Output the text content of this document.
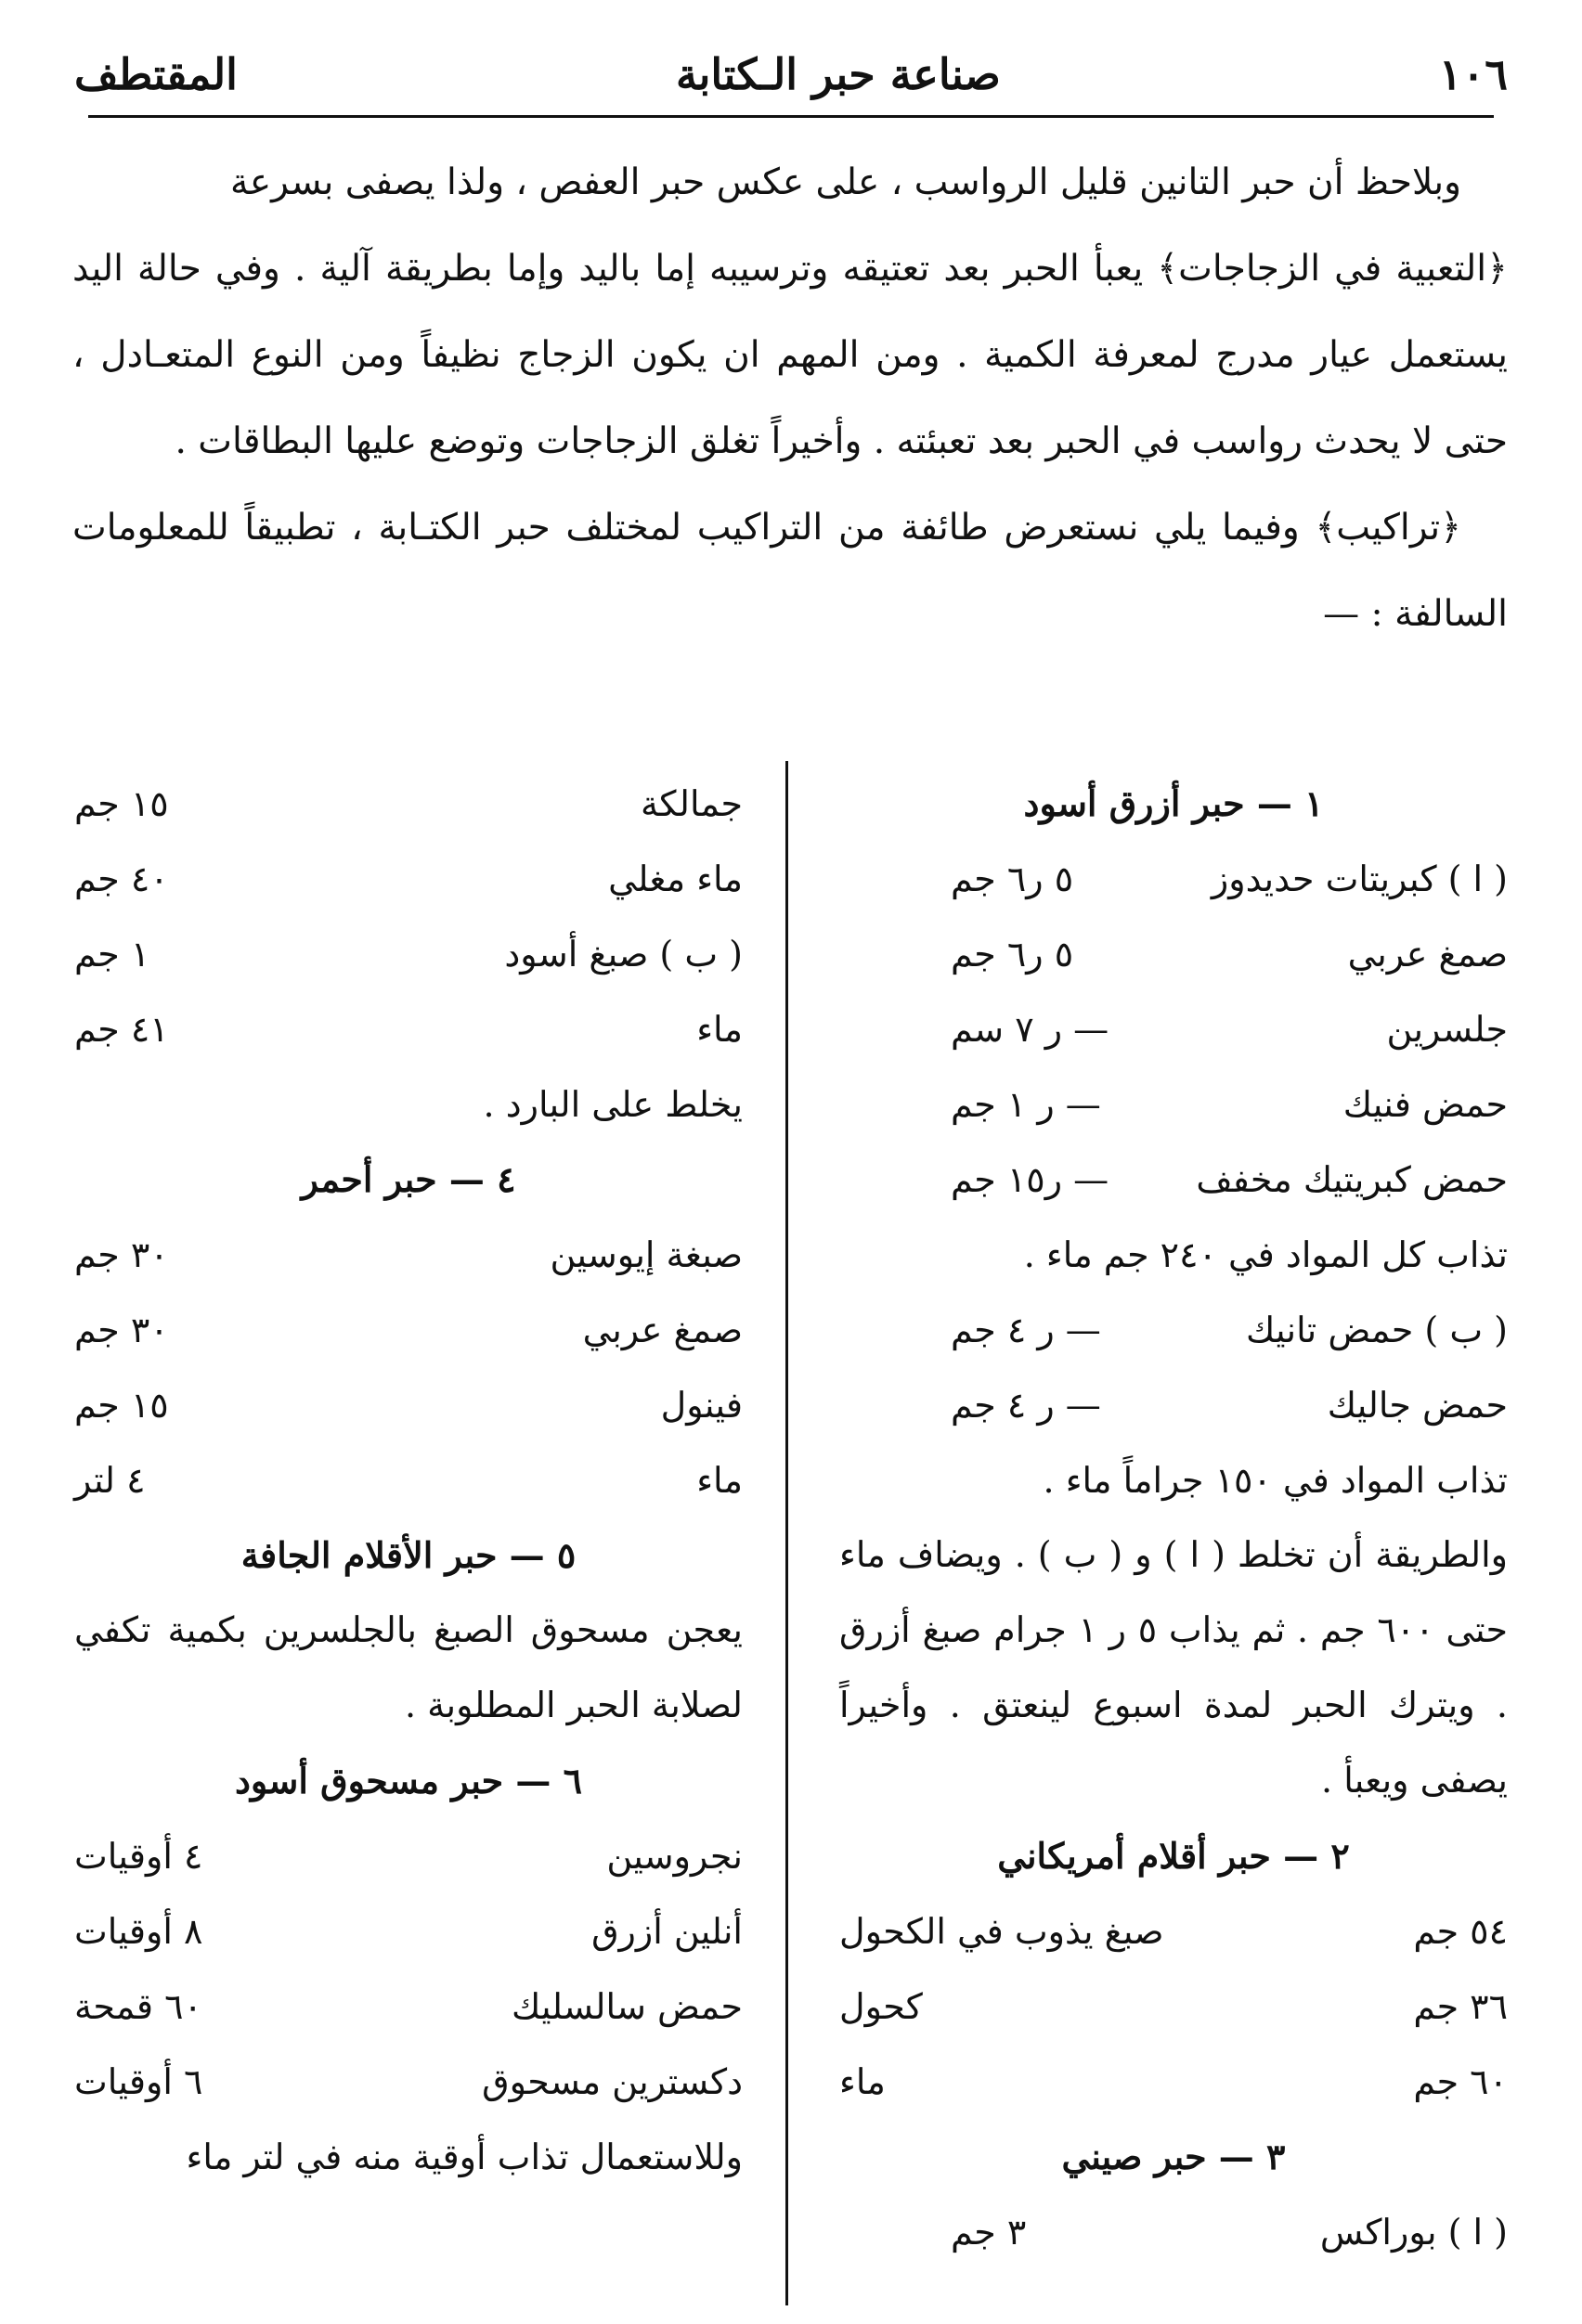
١٠٦
صناعة حبر الـكتابة
المقتطف

وبلاحظ أن حبر التانين قليل الرواسب ، على عكس حبر العفص ، ولذا يصفى بسرعة

﴿التعبية في الزجاجات﴾ يعبأ الحبر بعد تعتيقه وترسيبه إما باليد وإما بطريقة آلية . وفي حالة اليد يستعمل عيار مدرج لمعرفة الكمية . ومن المهم ان يكون الزجاج نظيفاً ومن النوع المتعـادل ، حتى لا يحدث رواسب في الحبر بعد تعبئته . وأخيراً تغلق الزجاجات وتوضع عليها البطاقات .

﴿تراكيب﴾ وفيما يلي نستعرض طائفة من التراكيب لمختلف حبر الكتـابة ، تطبيقاً للمعلومات السالفة : —

١ — حبر أزرق أسود
( ا ) كبريتات حديدوز
٥ ر٦ جم
صمغ عربي
٥ ر٦ جم
جلسرين
— ر ٧ سم
حمض فنيك
— ر ١ جم
حمض كبريتيك مخفف
— ر١٥ جم
تذاب كل المواد في ٢٤٠ جم ماء .
( ب ) حمض تانيك
— ر ٤ جم
حمض جاليك
— ر ٤ جم
تذاب المواد في ١٥٠ جراماً ماء .
والطريقة أن تخلط ( ا ) و ( ب ) . ويضاف ماء حتى ٦٠٠ جم . ثم يذاب ٥ ر ١ جرام صبغ أزرق . ويترك الحبر لمدة اسبوع لينعتق . وأخيراً يصفى ويعبأ .
٢ — حبر أقلام أمريكاني
٥٤ جم
صبغ يذوب في الكحول
٣٦ جم
كحول
٦٠ جم
ماء
٣ — حبر صيني
( ا ) بوراكس
٣ جم
جمالكة
١٥ جم
ماء مغلي
٤٠ جم
( ب ) صبغ أسود
١ جم
ماء
٤١ جم
يخلط على البارد .
٤ — حبر أحمر
صبغة إيوسين
٣٠ جم
صمغ عربي
٣٠ جم
فينول
١٥ جم
ماء
٤ لتر
٥ — حبر الأقلام الجافة
يعجن مسحوق الصبغ بالجلسرين بكمية تكفي لصلابة الحبر المطلوبة .
٦ — حبر مسحوق أسود
نجروسين
٤ أوقيات
أنلين أزرق
٨ أوقيات
حمض سالسليك
٦٠ قمحة
دكسترين مسحوق
٦ أوقيات
وللاستعمال تذاب أوقية منه في لتر ماء
